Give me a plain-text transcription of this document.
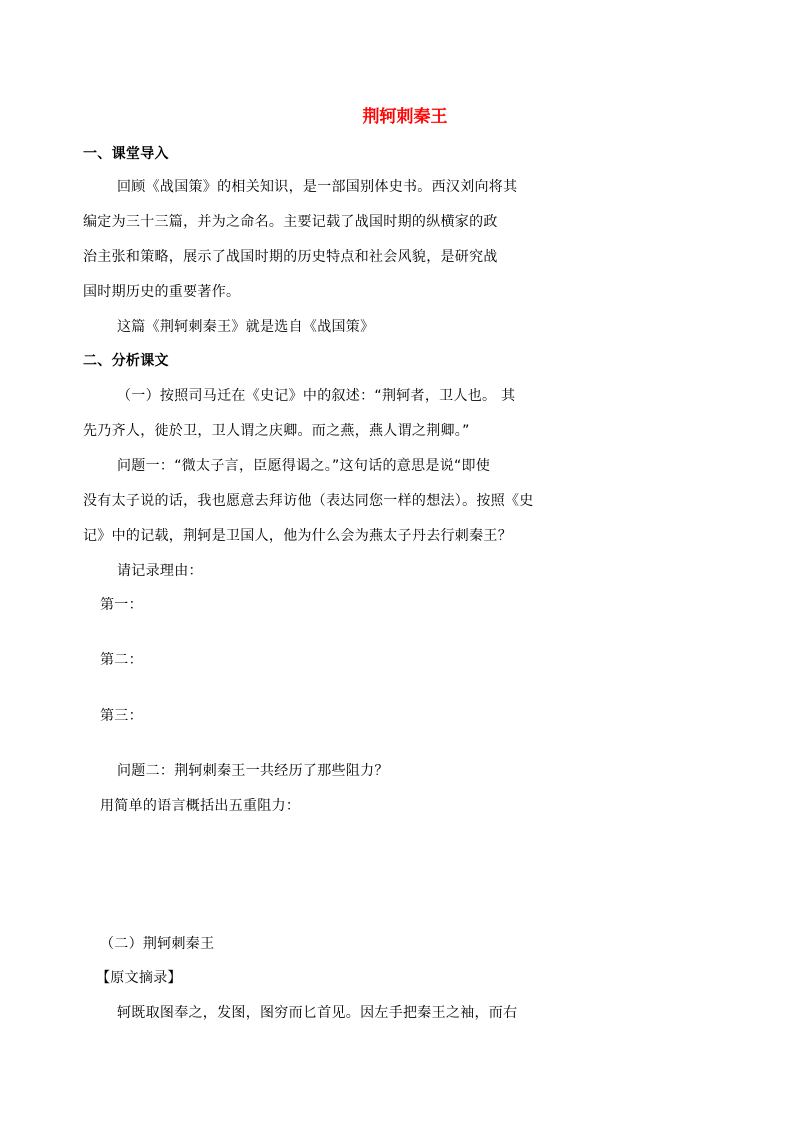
荆轲刺秦王
一、课堂导入
回顾《战国策》的相关知识，是一部国别体史书。西汉刘向将其
编定为三十三篇，并为之命名。主要记载了战国时期的纵横家的政
治主张和策略，展示了战国时期的历史特点和社会风貌，是研究战
国时期历史的重要著作。
这篇《荆轲刺秦王》就是选自《战国策》
二、分析课文
（一）按照司马迁在《史记》中的叙述：“荆轲者，卫人也。 其
先乃齐人，徙於卫，卫人谓之庆卿。而之燕，燕人谓之荆卿。”
问题一：“微太子言，臣愿得谒之。”这句话的意思是说“即使
没有太子说的话，我也愿意去拜访他（表达同您一样的想法）。按照《史
记》中的记载，荆轲是卫国人，他为什么会为燕太子丹去行刺秦王？
请记录理由：
第一：
第二：
第三：
问题二：荆轲刺秦王一共经历了那些阻力？
用简单的语言概括出五重阻力：
（二）荆轲刺秦王
【原文摘录】
轲既取图奉之，发图，图穷而匕首见。因左手把秦王之袖，而右
